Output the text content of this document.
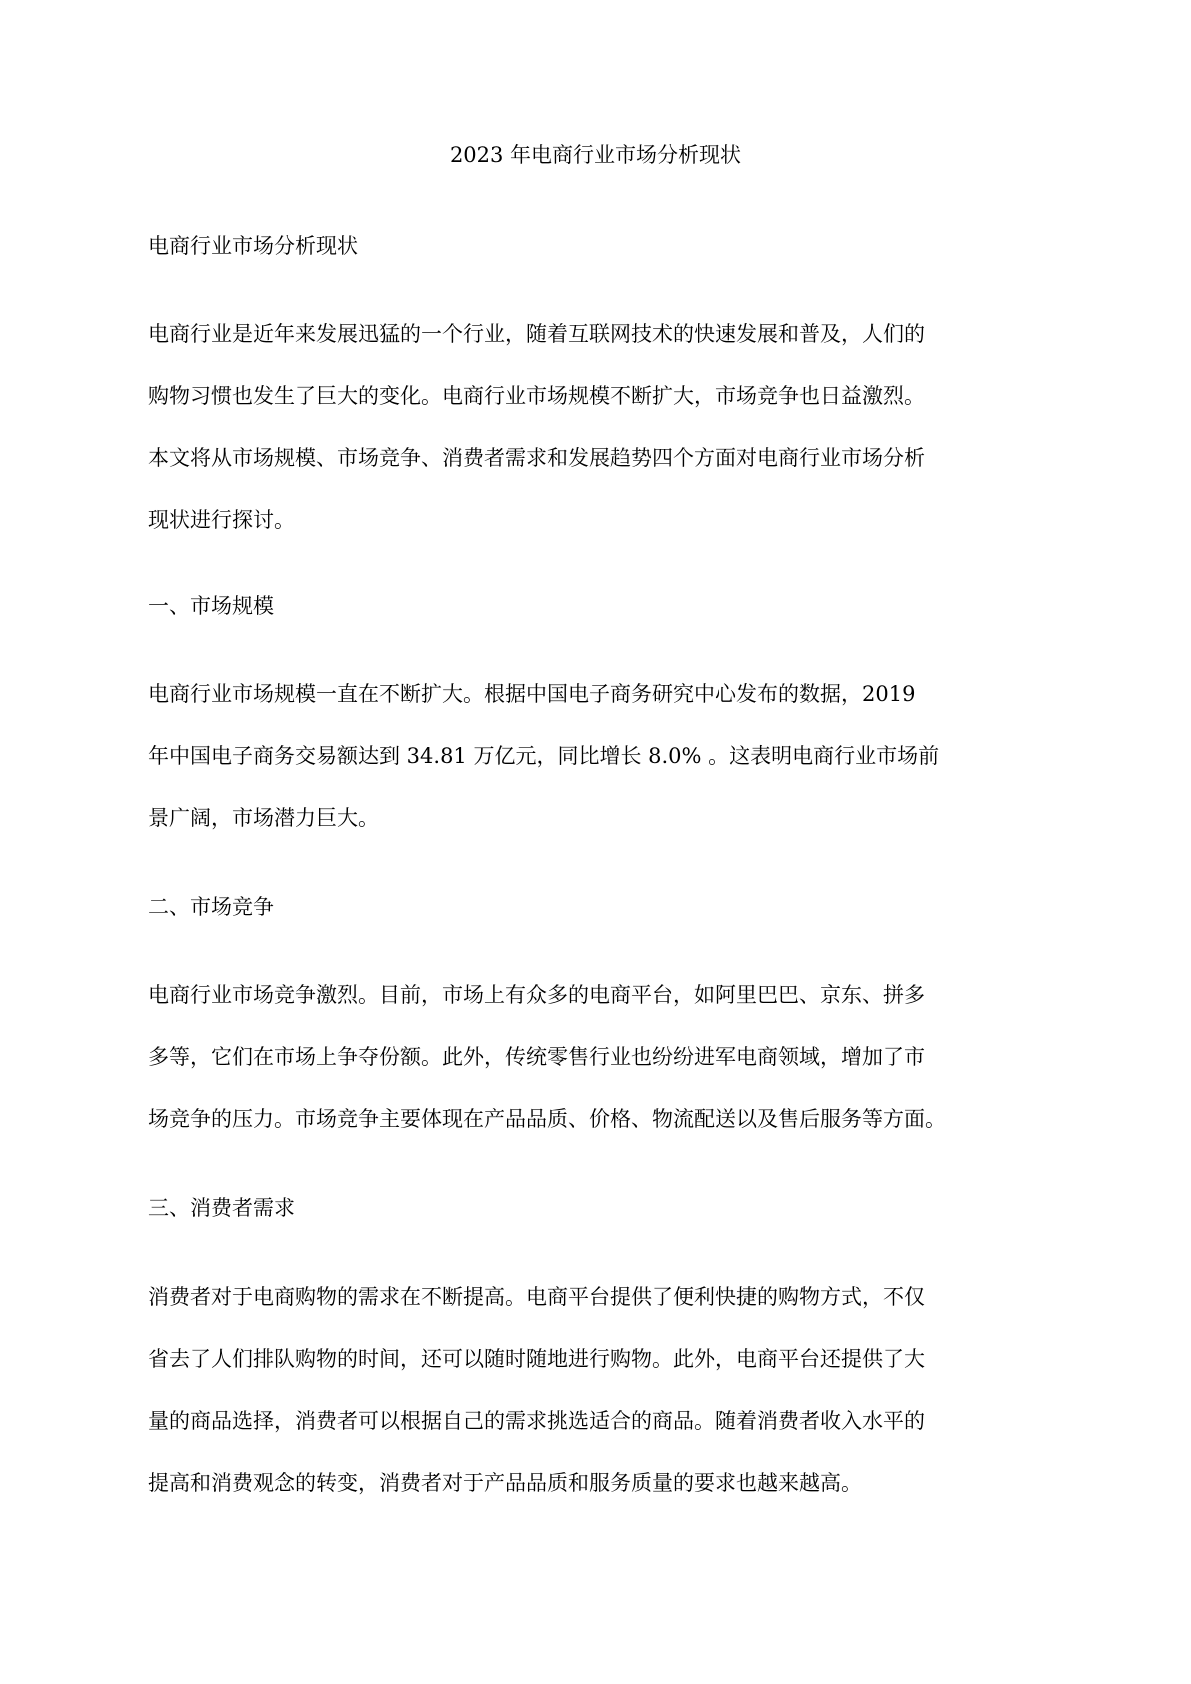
2023 年电商行业市场分析现状
电商行业市场分析现状
电商行业是近年来发展迅猛的一个行业，随着互联网技术的快速发展和普及，人们的
购物习惯也发生了巨大的变化。电商行业市场规模不断扩大，市场竞争也日益激烈。
本文将从市场规模、市场竞争、消费者需求和发展趋势四个方面对电商行业市场分析
现状进行探讨。
一、市场规模
电商行业市场规模一直在不断扩大。根据中国电子商务研究中心发布的数据，2019
年中国电子商务交易额达到 34.81 万亿元，同比增长 8.0% 。这表明电商行业市场前
景广阔，市场潜力巨大。
二、市场竞争
电商行业市场竞争激烈。目前，市场上有众多的电商平台，如阿里巴巴、京东、拼多
多等，它们在市场上争夺份额。此外，传统零售行业也纷纷进军电商领域，增加了市
场竞争的压力。市场竞争主要体现在产品品质、价格、物流配送以及售后服务等方面。
三、消费者需求
消费者对于电商购物的需求在不断提高。电商平台提供了便利快捷的购物方式，不仅
省去了人们排队购物的时间，还可以随时随地进行购物。此外，电商平台还提供了大
量的商品选择，消费者可以根据自己的需求挑选适合的商品。随着消费者收入水平的
提高和消费观念的转变，消费者对于产品品质和服务质量的要求也越来越高。
